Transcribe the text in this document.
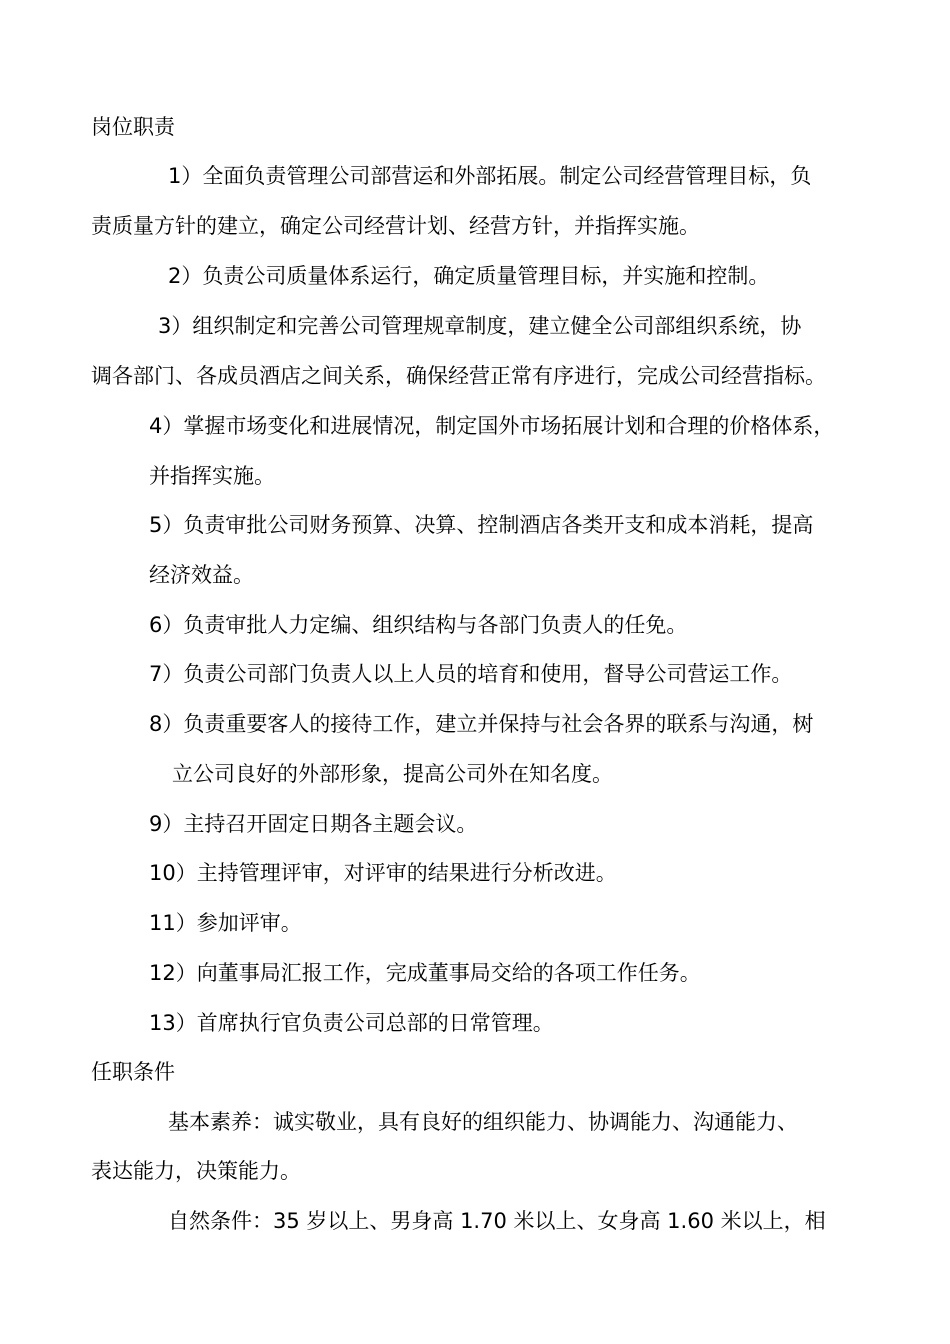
岗位职责
1）全面负责管理公司部营运和外部拓展。制定公司经营管理目标，负
责质量方针的建立，确定公司经营计划、经营方针，并指挥实施。
2）负责公司质量体系运行，确定质量管理目标，并实施和控制。
3）组织制定和完善公司管理规章制度，建立健全公司部组织系统，协
调各部门、各成员酒店之间关系，确保经营正常有序进行，完成公司经营指标。
4）掌握市场变化和进展情况，制定国外市场拓展计划和合理的价格体系，
并指挥实施。
5）负责审批公司财务预算、决算、控制酒店各类开支和成本消耗，提高
经济效益。
6）负责审批人力定编、组织结构与各部门负责人的任免。
7）负责公司部门负责人以上人员的培育和使用，督导公司营运工作。
8）负责重要客人的接待工作，建立并保持与社会各界的联系与沟通，树
立公司良好的外部形象，提高公司外在知名度。
9）主持召开固定日期各主题会议。
10）主持管理评审，对评审的结果进行分析改进。
11）参加评审。
12）向董事局汇报工作，完成董事局交给的各项工作任务。
13）首席执行官负责公司总部的日常管理。
任职条件
基本素养：诚实敬业，具有良好的组织能力、协调能力、沟通能力、
表达能力，决策能力。
自然条件：35 岁以上、男身高 1.70 米以上、女身高 1.60 米以上，相
